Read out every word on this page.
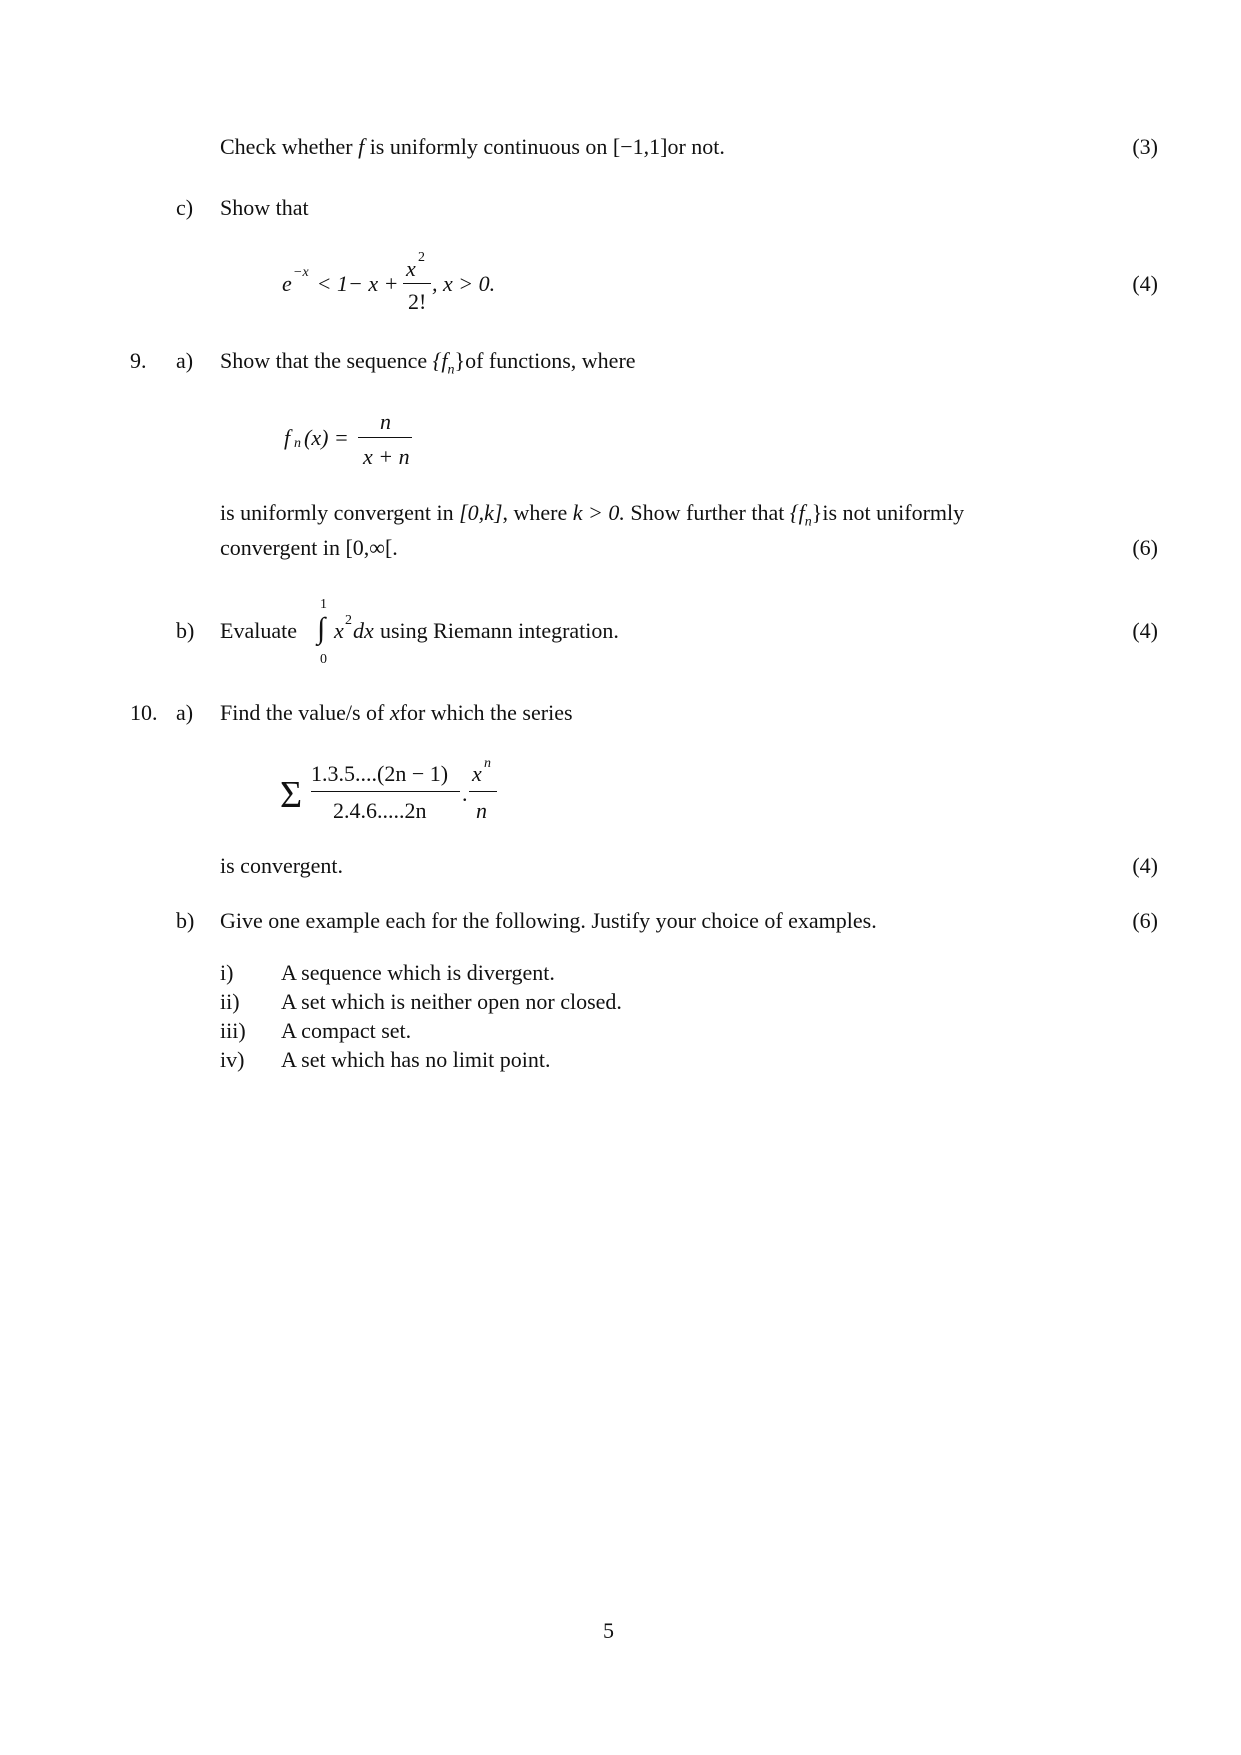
Check whether f is uniformly continuous on [−1,1]or not.	(3)
c) Show that
e −x < 1− x +
x 2
2!
, x > 0.	(4)
9. a) Show that the sequence $\{f_n\}of$ functions, where
f n (x) =
n
x + n
is uniformly convergent in [0,k], where k > 0. Show further that $\{f_n\}is$ not uniformly
convergent in [0,∞[.	(6)
b) Evaluate
1
∫
0
x 2 dx using Riemann integration.	(4)
10. a) Find the value/s of xfor which the series
Σ
1.3.5....(2n − 1)
2.4.6.....2n
.
x n
n
is convergent.	(4)
b) Give one example each for the following. Justify your choice of examples.	(6)
i) A sequence which is divergent.
ii) A set which is neither open nor closed.
iii) A compact set.
iv) A set which has no limit point.
5
